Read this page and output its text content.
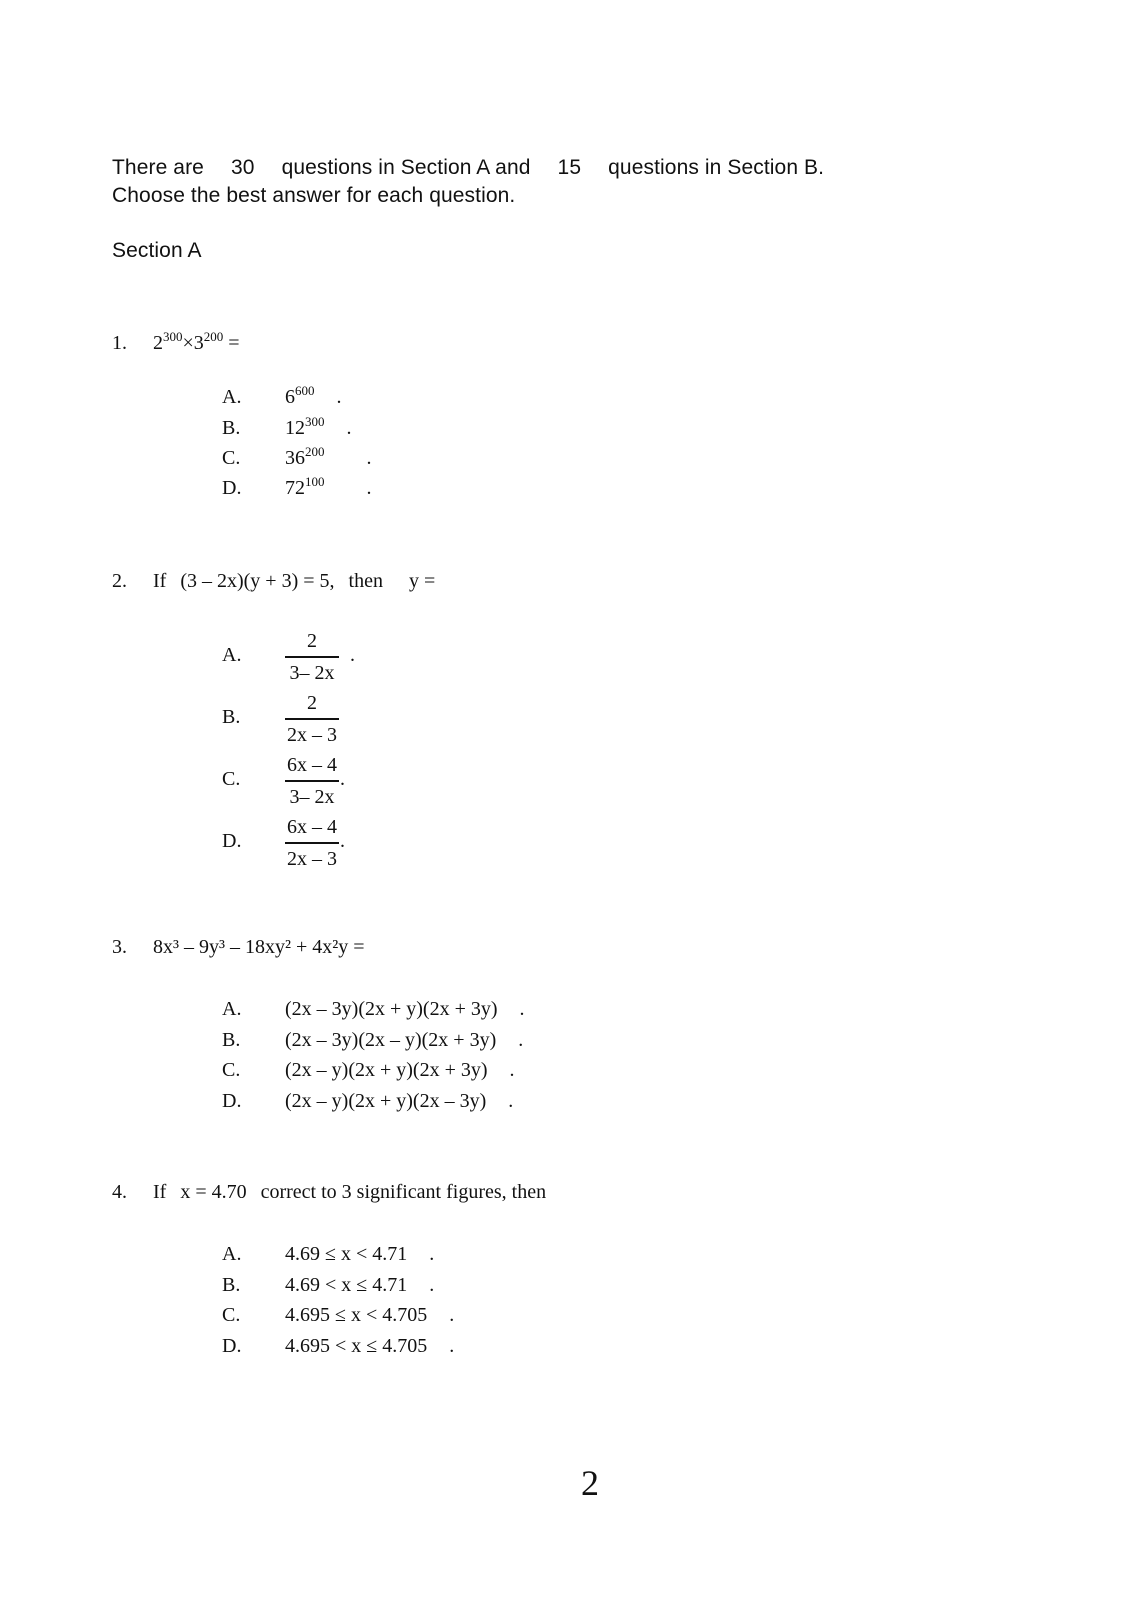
There are　 30　 questions in Section A and　 15　 questions in Section B.
Choose the best answer for each question.
Section A
1. $2^{300}\times 3^{200}$ =
A. $6^{600}$ .
B. $12^{300}$ .
C. $36^{200}$ .
D. $72^{100}$ .
2. If (3 – 2x)(y + 3) = 5, then y =
A.
2
3– 2x
.
B.
2
2x – 3
C.
6x – 4
3– 2x
.
D.
6x – 4
2x – 3
.
3. 8x³ – 9y³ – 18xy² + 4x²y =
A. (2x – 3y)(2x + y)(2x + 3y) .
B. (2x – 3y)(2x – y)(2x + 3y) .
C. (2x – y)(2x + y)(2x + 3y) .
D. (2x – y)(2x + y)(2x – 3y) .
4. If x = 4.70 correct to 3 significant figures, then
A. 4.69 ≤ x < 4.71 .
B. 4.69 < x ≤ 4.71 .
C. 4.695 ≤ x < 4.705 .
D. 4.695 < x ≤ 4.705 .
2
